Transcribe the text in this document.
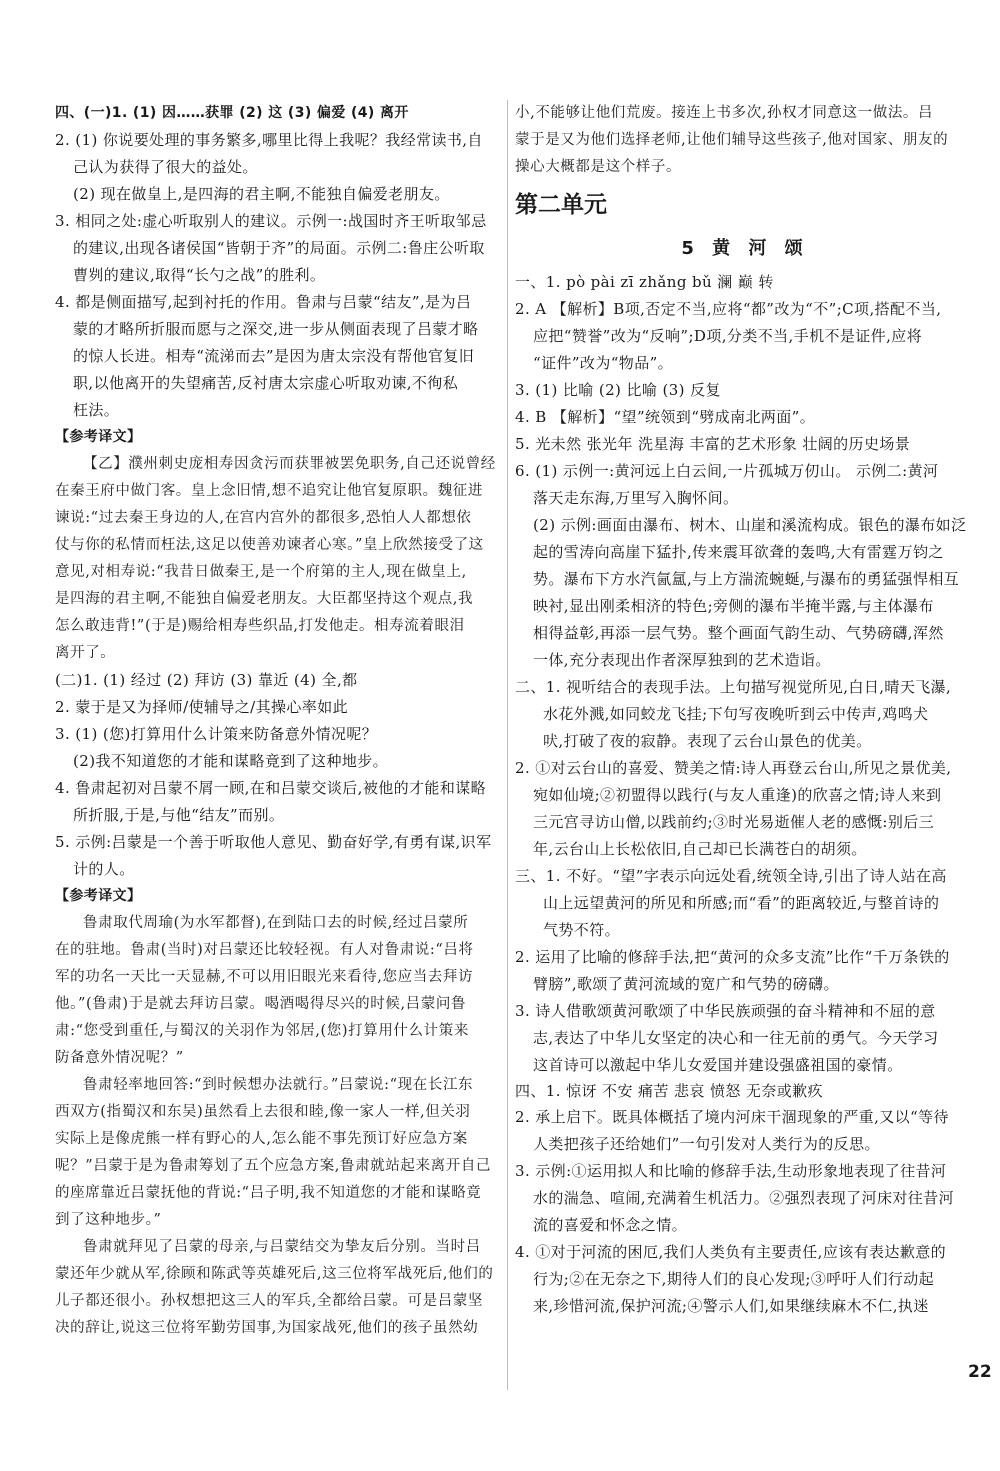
四、(一)1. (1) 因……获罪 (2) 这 (3) 偏爱 (4) 离开
2. (1) 你说要处理的事务繁多,哪里比得上我呢？我经常读书,自
己认为获得了很大的益处。
(2) 现在做皇上,是四海的君主啊,不能独自偏爱老朋友。
3. 相同之处:虚心听取别人的建议。示例一:战国时齐王听取邹忌
的建议,出现各诸侯国“皆朝于齐”的局面。示例二:鲁庄公听取
曹刿的建议,取得“长勺之战”的胜利。
4. 都是侧面描写,起到衬托的作用。鲁肃与吕蒙“结友”,是为吕
蒙的才略所折服而愿与之深交,进一步从侧面表现了吕蒙才略
的惊人长进。相寿“流涕而去”是因为唐太宗没有帮他官复旧
职,以他离开的失望痛苦,反衬唐太宗虚心听取劝谏,不徇私
枉法。
【参考译文】
【乙】濮州刺史庞相寿因贪污而获罪被罢免职务,自己还说曾经
在秦王府中做门客。皇上念旧情,想不追究让他官复原职。魏征进
谏说:“过去秦王身边的人,在宫内宫外的都很多,恐怕人人都想依
仗与你的私情而枉法,这足以使善劝谏者心寒。”皇上欣然接受了这
意见,对相寿说:“我昔日做秦王,是一个府第的主人,现在做皇上,
是四海的君主啊,不能独自偏爱老朋友。大臣都坚持这个观点,我
怎么敢违背!”(于是)赐给相寿些织品,打发他走。相寿流着眼泪
离开了。
(二)1. (1) 经过 (2) 拜访 (3) 靠近 (4) 全,都
2. 蒙于是又为择师/使辅导之/其操心率如此
3. (1) (您)打算用什么计策来防备意外情况呢？
(2)我不知道您的才能和谋略竟到了这种地步。
4. 鲁肃起初对吕蒙不屑一顾,在和吕蒙交谈后,被他的才能和谋略
所折服,于是,与他“结友”而别。
5. 示例:吕蒙是一个善于听取他人意见、勤奋好学,有勇有谋,识军
计的人。
【参考译文】
鲁肃取代周瑜(为水军都督),在到陆口去的时候,经过吕蒙所
在的驻地。鲁肃(当时)对吕蒙还比较轻视。有人对鲁肃说:“吕将
军的功名一天比一天显赫,不可以用旧眼光来看待,您应当去拜访
他。”(鲁肃)于是就去拜访吕蒙。喝酒喝得尽兴的时候,吕蒙问鲁
肃:“您受到重任,与蜀汉的关羽作为邻居,(您)打算用什么计策来
防备意外情况呢？”
鲁肃轻率地回答:“到时候想办法就行。”吕蒙说:“现在长江东
西双方(指蜀汉和东吴)虽然看上去很和睦,像一家人一样,但关羽
实际上是像虎熊一样有野心的人,怎么能不事先预订好应急方案
呢？”吕蒙于是为鲁肃筹划了五个应急方案,鲁肃就站起来离开自己
的座席靠近吕蒙抚他的背说:“吕子明,我不知道您的才能和谋略竟
到了这种地步。”
鲁肃就拜见了吕蒙的母亲,与吕蒙结交为挚友后分别。当时吕
蒙还年少就从军,徐顾和陈武等英雄死后,这三位将军战死后,他们的
儿子都还很小。孙权想把这三人的军兵,全都给吕蒙。可是吕蒙坚
决的辞让,说这三位将军勤劳国事,为国家战死,他们的孩子虽然幼
小,不能够让他们荒废。接连上书多次,孙权才同意这一做法。吕
蒙于是又为他们选择老师,让他们辅导这些孩子,他对国家、朋友的
操心大概都是这个样子。
第二单元
5 黄 河 颂
一、1. pò pài zī zhǎng bǔ 澜 巅 转
2. A 【解析】B项,否定不当,应将“都”改为“不”;C项,搭配不当,
应把“赞誉”改为“反响”;D项,分类不当,手机不是证件,应将
“证件”改为“物品”。
3. (1) 比喻 (2) 比喻 (3) 反复
4. B 【解析】“望”统领到“劈成南北两面”。
5. 光未然 张光年 洗星海 丰富的艺术形象 壮阔的历史场景
6. (1) 示例一:黄河远上白云间,一片孤城万仞山。 示例二:黄河
落天走东海,万里写入胸怀间。
(2) 示例:画面由瀑布、树木、山崖和溪流构成。银色的瀑布如泛
起的雪涛向高崖下猛扑,传来震耳欲聋的轰鸣,大有雷霆万钧之
势。瀑布下方水汽氤氲,与上方湍流蜿蜒,与瀑布的勇猛强悍相互
映衬,显出刚柔相济的特色;旁侧的瀑布半掩半露,与主体瀑布
相得益彰,再添一层气势。整个画面气韵生动、气势磅礴,浑然
一体,充分表现出作者深厚独到的艺术造诣。
二、1. 视听结合的表现手法。上句描写视觉所见,白日,晴天飞瀑,
水花外溅,如同蛟龙飞挂;下句写夜晚听到云中传声,鸡鸣犬
吠,打破了夜的寂静。表现了云台山景色的优美。
2. ①对云台山的喜爱、赞美之情:诗人再登云台山,所见之景优美,
宛如仙境;②初盟得以践行(与友人重逢)的欣喜之情;诗人来到
三元宫寻访山僧,以践前约;③时光易逝催人老的感慨:别后三
年,云台山上长松依旧,自己却已长满苍白的胡须。
三、1. 不好。“望”字表示向远处看,统领全诗,引出了诗人站在高
山上远望黄河的所见和所感;而“看”的距离较近,与整首诗的
气势不符。
2. 运用了比喻的修辞手法,把“黄河的众多支流”比作“千万条铁的
臂膀”,歌颂了黄河流域的宽广和气势的磅礴。
3. 诗人借歌颂黄河歌颂了中华民族顽强的奋斗精神和不屈的意
志,表达了中华儿女坚定的决心和一往无前的勇气。今天学习
这首诗可以激起中华儿女爱国并建设强盛祖国的豪情。
四、1. 惊讶 不安 痛苦 悲哀 愤怒 无奈或歉疚
2. 承上启下。既具体概括了境内河床干涸现象的严重,又以“等待
人类把孩子还给她们”一句引发对人类行为的反思。
3. 示例:①运用拟人和比喻的修辞手法,生动形象地表现了往昔河
水的湍急、喧闹,充满着生机活力。②强烈表现了河床对往昔河
流的喜爱和怀念之情。
4. ①对于河流的困厄,我们人类负有主要责任,应该有表达歉意的
行为;②在无奈之下,期待人们的良心发现;③呼吁人们行动起
来,珍惜河流,保护河流;④警示人们,如果继续麻木不仁,执迷
22
